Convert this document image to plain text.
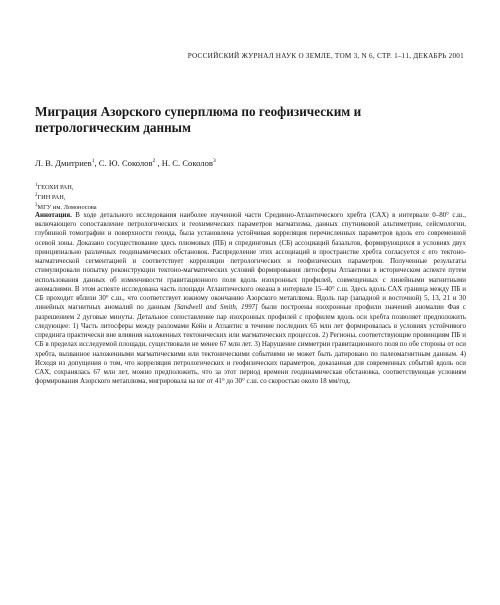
РОССИЙСКИЙ ЖУРНАЛ НАУК О ЗЕМЛЕ, ТОМ 3, N 6, СТР. 1–11, ДЕКАБРЬ 2001
Миграция Азорского суперплюма по геофизическим и петрологическим данным
Л. В. Дмитриев$^1$, С. Ю. Соколов$^2$ , Н. С. Соколов$^3$
$^1$ГЕОХИ РАН,
$^2$ГИН РАН,
$^3$МГУ им. Ломоносова
Аннотация. В ходе детального исследования наиболее изученной части Срединно-Атлантического хребта (САХ) в интервале 0–80° с.ш., включающего сопоставление петрологических и геохимических параметров магматизма, данных спутниковой альтиметрии, сейсмологии, глубинной томографии и поверхности геоида, была установлена устойчивая корреляция перечисленных параметров вдоль его современной осевой зоны. Доказано сосуществование здесь плюмовых (ПБ) и спрединговых (СБ) ассоциаций базальтов, формирующихся в условиях двух принципиально различных геодинамических обстановок. Распределение этих ассоциаций в пространстве хребта согласуется с его тектоно-магматической сегментацией и соответствует корреляции петрологических и геофизических параметров. Полученные результаты стимулировали попытку реконструкции тектоно-магматических условий формирования литосферы Атлантики в историческом аспекте путем использования данных об изменчивости гравитационного поля вдоль изохронных профилей, совмещенных с линейными магнитными аномалиями. В этом аспекте исследована часть площади Атлантического океана в интервале 15–40° с.ш. Здесь вдоль САХ граница между ПБ и СБ проходит вблизи 30° с.ш., что соответствует южному окончанию Азорского метаплюма. Вдоль пар (западной и восточной) 5, 13, 21 и 30 линейных магнитных аномалий по данным [Sandwell and Smith, 1997] были построены изохронные профили значений аномалии Фая с разрешением 2 дуговые минуты. Детальное сопоставление пар изохронных профилей с профилем вдоль оси хребта позволяет предположить следующее: 1) Часть литосферы между разломами Кейн и Атлантис в течение последних 65 млн лет формировалась в условиях устойчивого спрединга практически вне влияния наложенных тектонических или магматических процессов. 2) Регионы, соответствующие провинциям ПБ и СБ в пределах исследуемой площади, существовали не менее 67 млн лет. 3) Нарушение симметрии гравитационного поля по обе стороны от оси хребта, вызванное наложенными магматическими или тектоническими событиями не может быть датировано по палеомагнитным данным. 4) Исходя из допущения о том, что корреляция петрологических и геофизических параметров, доказанная для современных событий вдоль оси САХ, сохранялась 67 млн лет, можно предположить, что за этот период времени геодинамическая обстановка, соответствующая условиям формирования Азорского метаплюма, мигрировала на юг от 41° до 30° с.ш. со скоростью около 18 мм/год.
